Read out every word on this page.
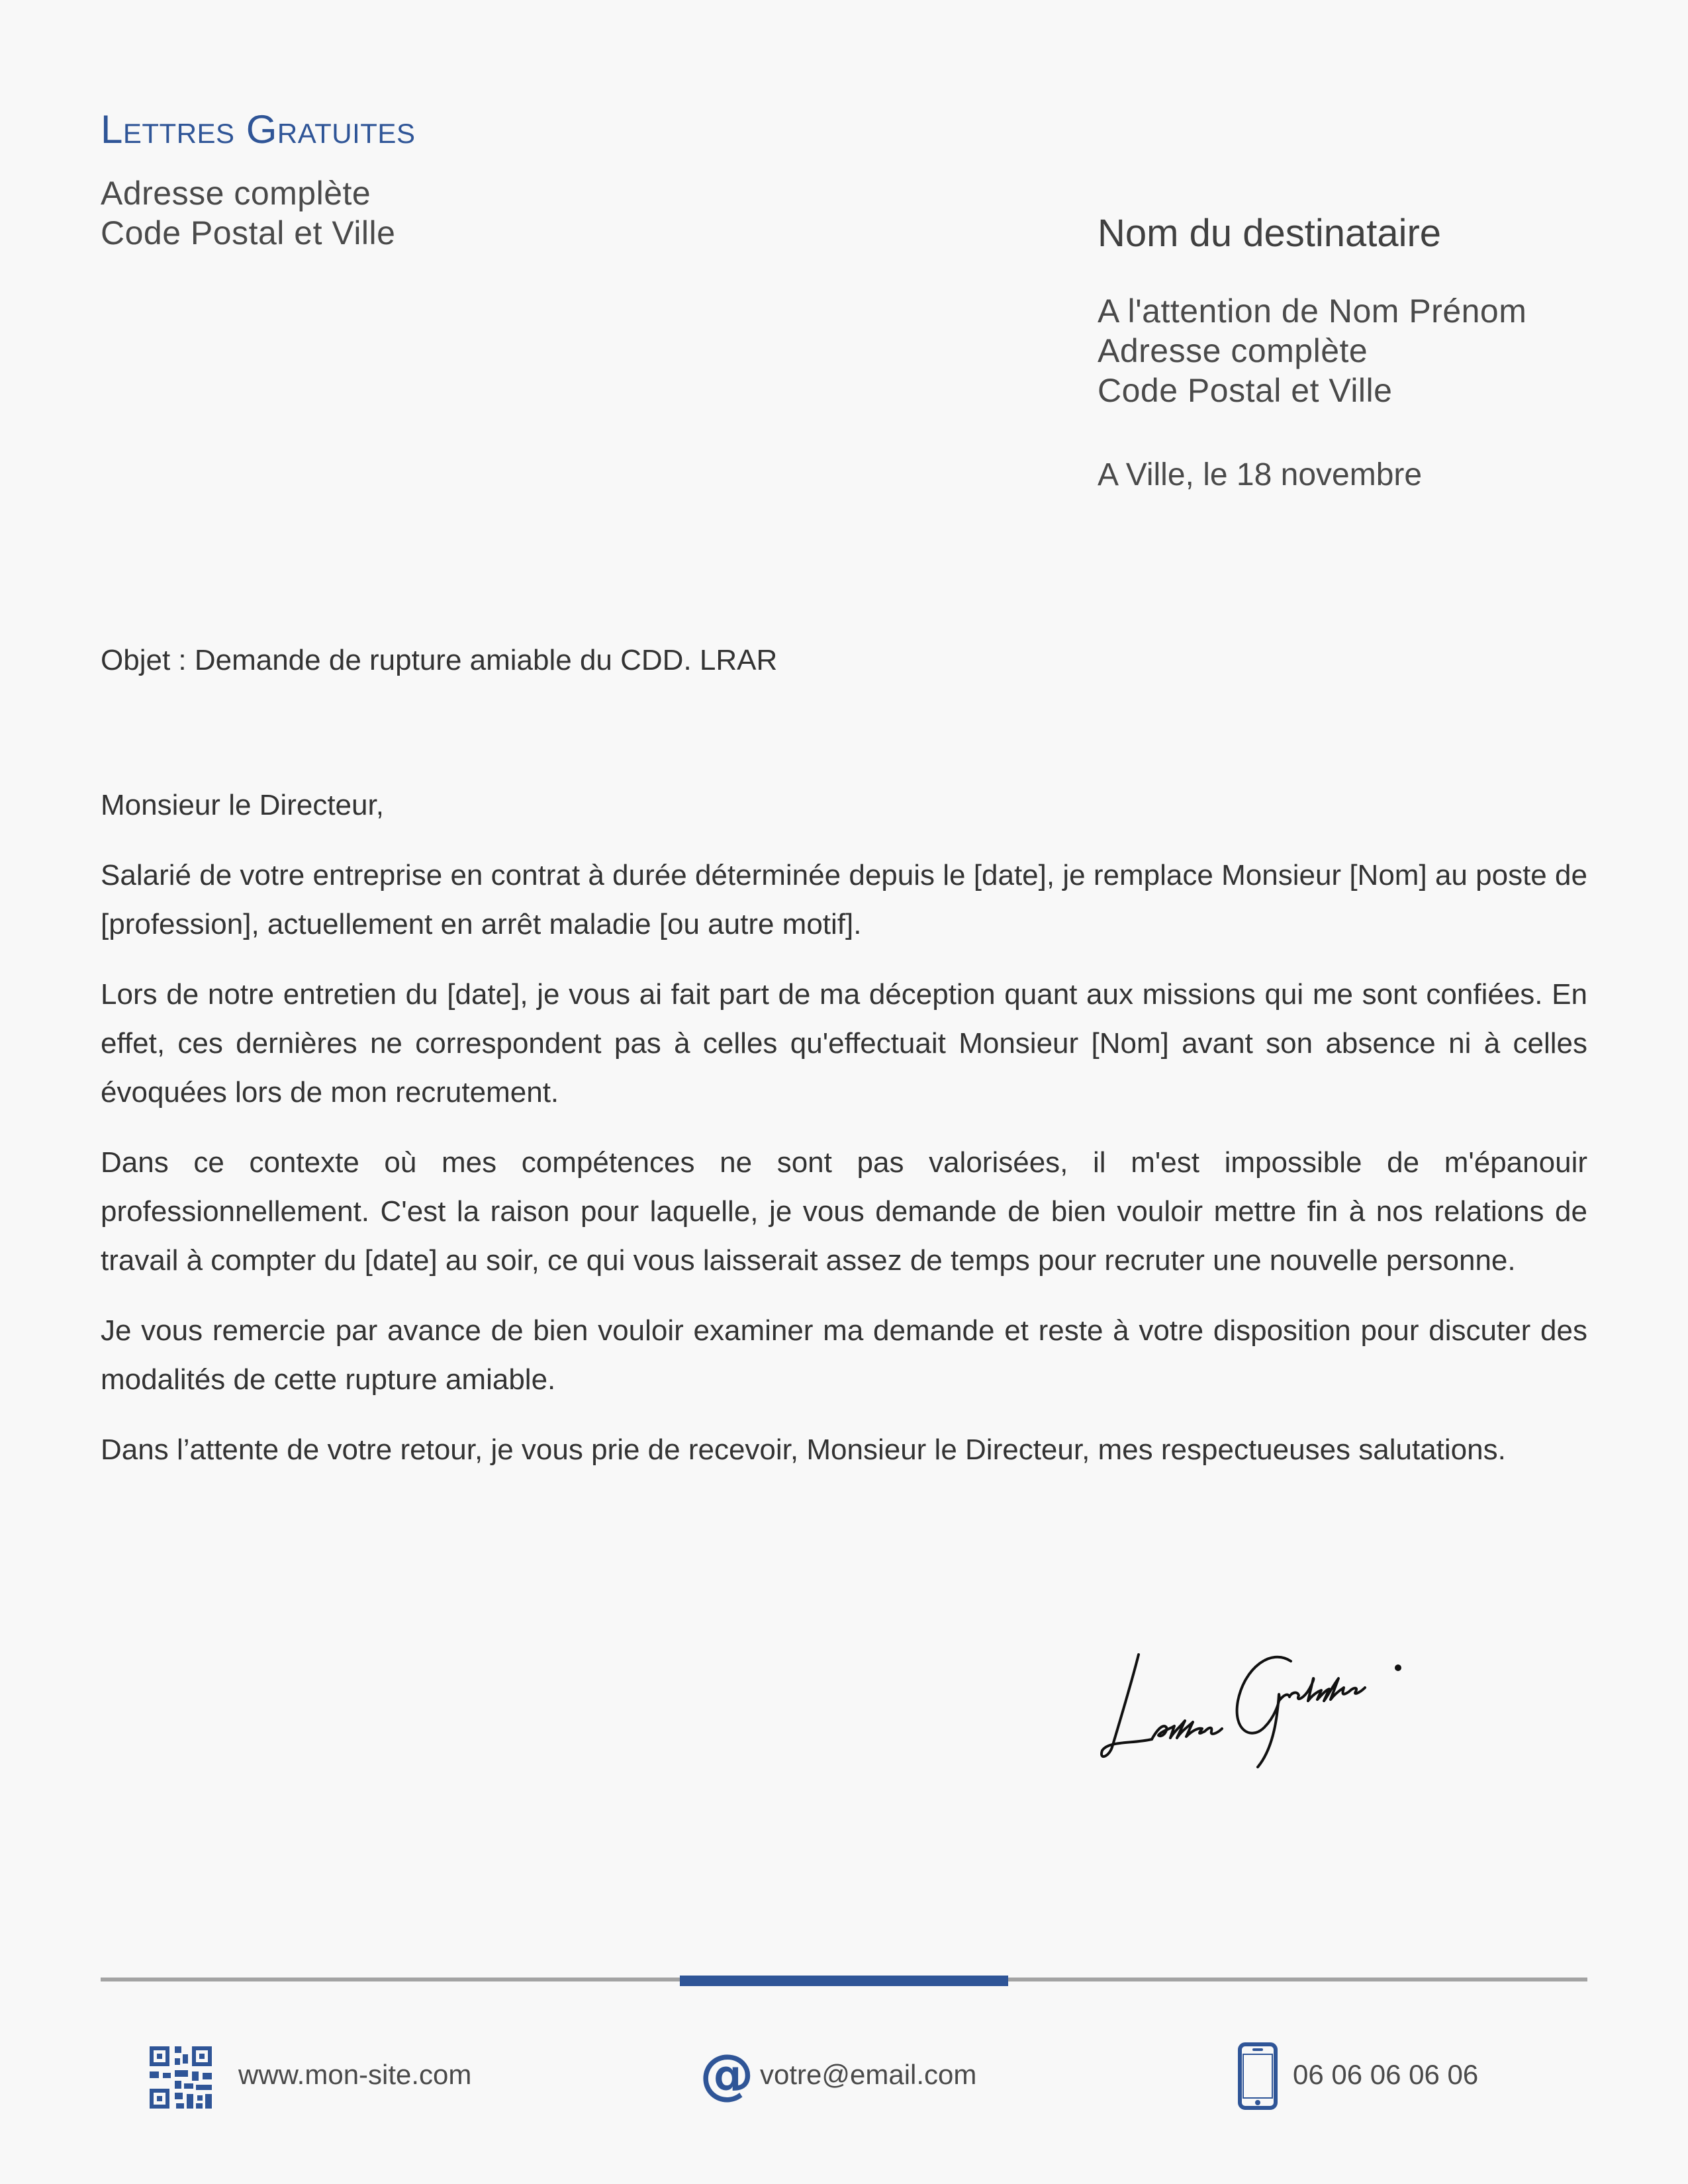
Lettres Gratuites
Adresse complète
Code Postal et Ville	Nom du destinataire
A l'attention de Nom Prénom
Adresse complète
Code Postal et Ville
A Ville, le 18 novembre
Objet : Demande de rupture amiable du CDD. LRAR

Monsieur le Directeur,

Salarié de votre entreprise en contrat à durée déterminée depuis le [date], je remplace Monsieur [Nom] au poste de [profession], actuellement en arrêt maladie [ou autre motif].

Lors de notre entretien du [date], je vous ai fait part de ma déception quant aux missions qui me sont confiées. En effet, ces dernières ne correspondent pas à celles qu'effectuait Monsieur [Nom] avant son absence ni à celles évoquées lors de mon recrutement.

Dans ce contexte où mes compétences ne sont pas valorisées, il m'est impossible de m'épanouir professionnellement. C'est la raison pour laquelle, je vous demande de bien vouloir mettre fin à nos relations de travail à compter du [date] au soir, ce qui vous laisserait assez de temps pour recruter une nouvelle personne.

Je vous remercie par avance de bien vouloir examiner ma demande et reste à votre disposition pour discuter des modalités de cette rupture amiable.

Dans l’attente de votre retour, je vous prie de recevoir, Monsieur le Directeur, mes respectueuses salutations.

www.mon-site.com	@ votre@email.com	06 06 06 06 06
